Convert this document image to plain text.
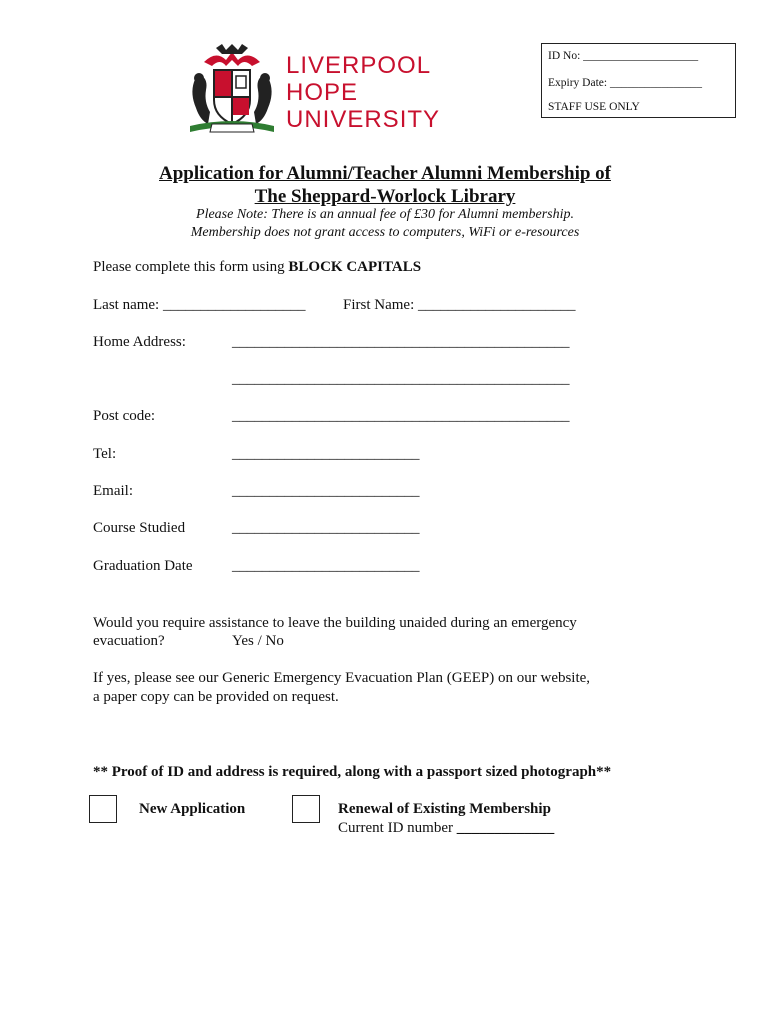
LIVERPOOL
HOPE
UNIVERSITY
ID No: ____________________
Expiry Date: ________________
STAFF USE ONLY
Application for Alumni/Teacher Alumni Membership of
The Sheppard-Worlock Library
Please Note: There is an annual fee of £30 for Alumni membership.
Membership does not grant access to computers, WiFi or e-resources
Please complete this form using BLOCK CAPITALS
Last name: ___________________	First Name: _____________________
Home Address:	_____________________________________________
_____________________________________________
Post code:	_____________________________________________
Tel:	_________________________
Email:	_________________________
Course Studied	_________________________
Graduation Date	_________________________
Would you require assistance to leave the building unaided during an emergency
evacuation?	Yes / No
If yes, please see our Generic Emergency Evacuation Plan (GEEP) on our website,
a paper copy can be provided on request.
** Proof of ID and address is required, along with a passport sized photograph**
New Application	Renewal of Existing Membership
Current ID number _____________
